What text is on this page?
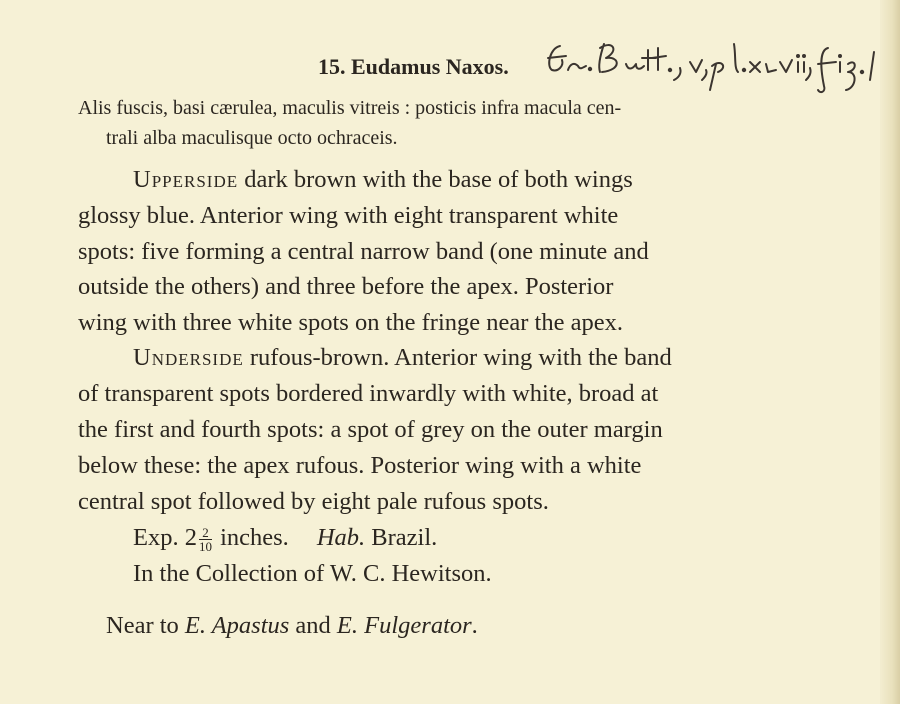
15. Eudamus Naxos.
Alis fuscis, basi cærulea, maculis vitreis : posticis infra macula cen-
trali alba maculisque octo ochraceis.
Upperside dark brown with the base of both wings
glossy blue. Anterior wing with eight transparent white
spots: five forming a central narrow band (one minute and
outside the others) and three before the apex. Posterior
wing with three white spots on the fringe near the apex.
Underside rufous-brown. Anterior wing with the band
of transparent spots bordered inwardly with white, broad at
the first and fourth spots: a spot of grey on the outer margin
below these: the apex rufous. Posterior wing with a white
central spot followed by eight pale rufous spots.
Exp. $2 \frac{2}{10}$ inches. Hab. Brazil.
In the Collection of W. C. Hewitson.
Near to E. Apastus and E. Fulgerator.
